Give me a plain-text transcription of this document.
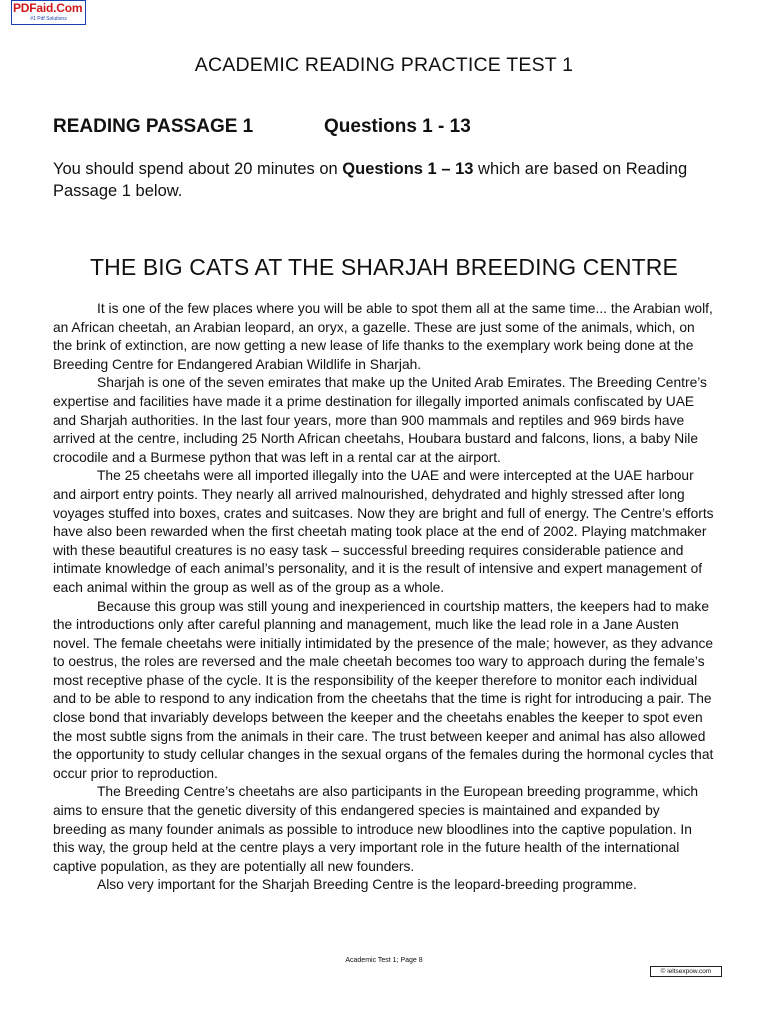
PDFaid.Com
#1 Pdf Solutions
ACADEMIC READING PRACTICE TEST 1
READING PASSAGE 1	Questions 1 - 13
You should spend about 20 minutes on Questions 1 – 13 which are based on Reading Passage 1 below.
THE BIG CATS AT THE SHARJAH BREEDING CENTRE

It is one of the few places where you will be able to spot them all at the same time... the Arabian wolf, an African cheetah, an Arabian leopard, an oryx, a gazelle. These are just some of the animals, which, on the brink of extinction, are now getting a new lease of life thanks to the exemplary work being done at the Breeding Centre for Endangered Arabian Wildlife in Sharjah.

Sharjah is one of the seven emirates that make up the United Arab Emirates. The Breeding Centre’s expertise and facilities have made it a prime destination for illegally imported animals confiscated by UAE and Sharjah authorities. In the last four years, more than 900 mammals and reptiles and 969 birds have arrived at the centre, including 25 North African cheetahs, Houbara bustard and falcons, lions, a baby Nile crocodile and a Burmese python that was left in a rental car at the airport.

The 25 cheetahs were all imported illegally into the UAE and were intercepted at the UAE harbour and airport entry points. They nearly all arrived malnourished, dehydrated and highly stressed after long voyages stuffed into boxes, crates and suitcases. Now they are bright and full of energy. The Centre’s efforts have also been rewarded when the first cheetah mating took place at the end of 2002. Playing matchmaker with these beautiful creatures is no easy task – successful breeding requires considerable patience and intimate knowledge of each animal’s personality, and it is the result of intensive and expert management of each animal within the group as well as of the group as a whole.

Because this group was still young and inexperienced in courtship matters, the keepers had to make the introductions only after careful planning and management, much like the lead role in a Jane Austen novel. The female cheetahs were initially intimidated by the presence of the male; however, as they advance to oestrus, the roles are reversed and the male cheetah becomes too wary to approach during the female’s most receptive phase of the cycle. It is the responsibility of the keeper therefore to monitor each individual and to be able to respond to any indication from the cheetahs that the time is right for introducing a pair. The close bond that invariably develops between the keeper and the cheetahs enables the keeper to spot even the most subtle signs from the animals in their care. The trust between keeper and animal has also allowed the opportunity to study cellular changes in the sexual organs of the females during the hormonal cycles that occur prior to reproduction.

The Breeding Centre’s cheetahs are also participants in the European breeding programme, which aims to ensure that the genetic diversity of this endangered species is maintained and expanded by breeding as many founder animals as possible to introduce new bloodlines into the captive population. In this way, the group held at the centre plays a very important role in the future health of the international captive population, as they are potentially all new founders.

Also very important for the Sharjah Breeding Centre is the leopard-breeding programme.

Academic Test 1; Page 8
© ieltsexpow.com
